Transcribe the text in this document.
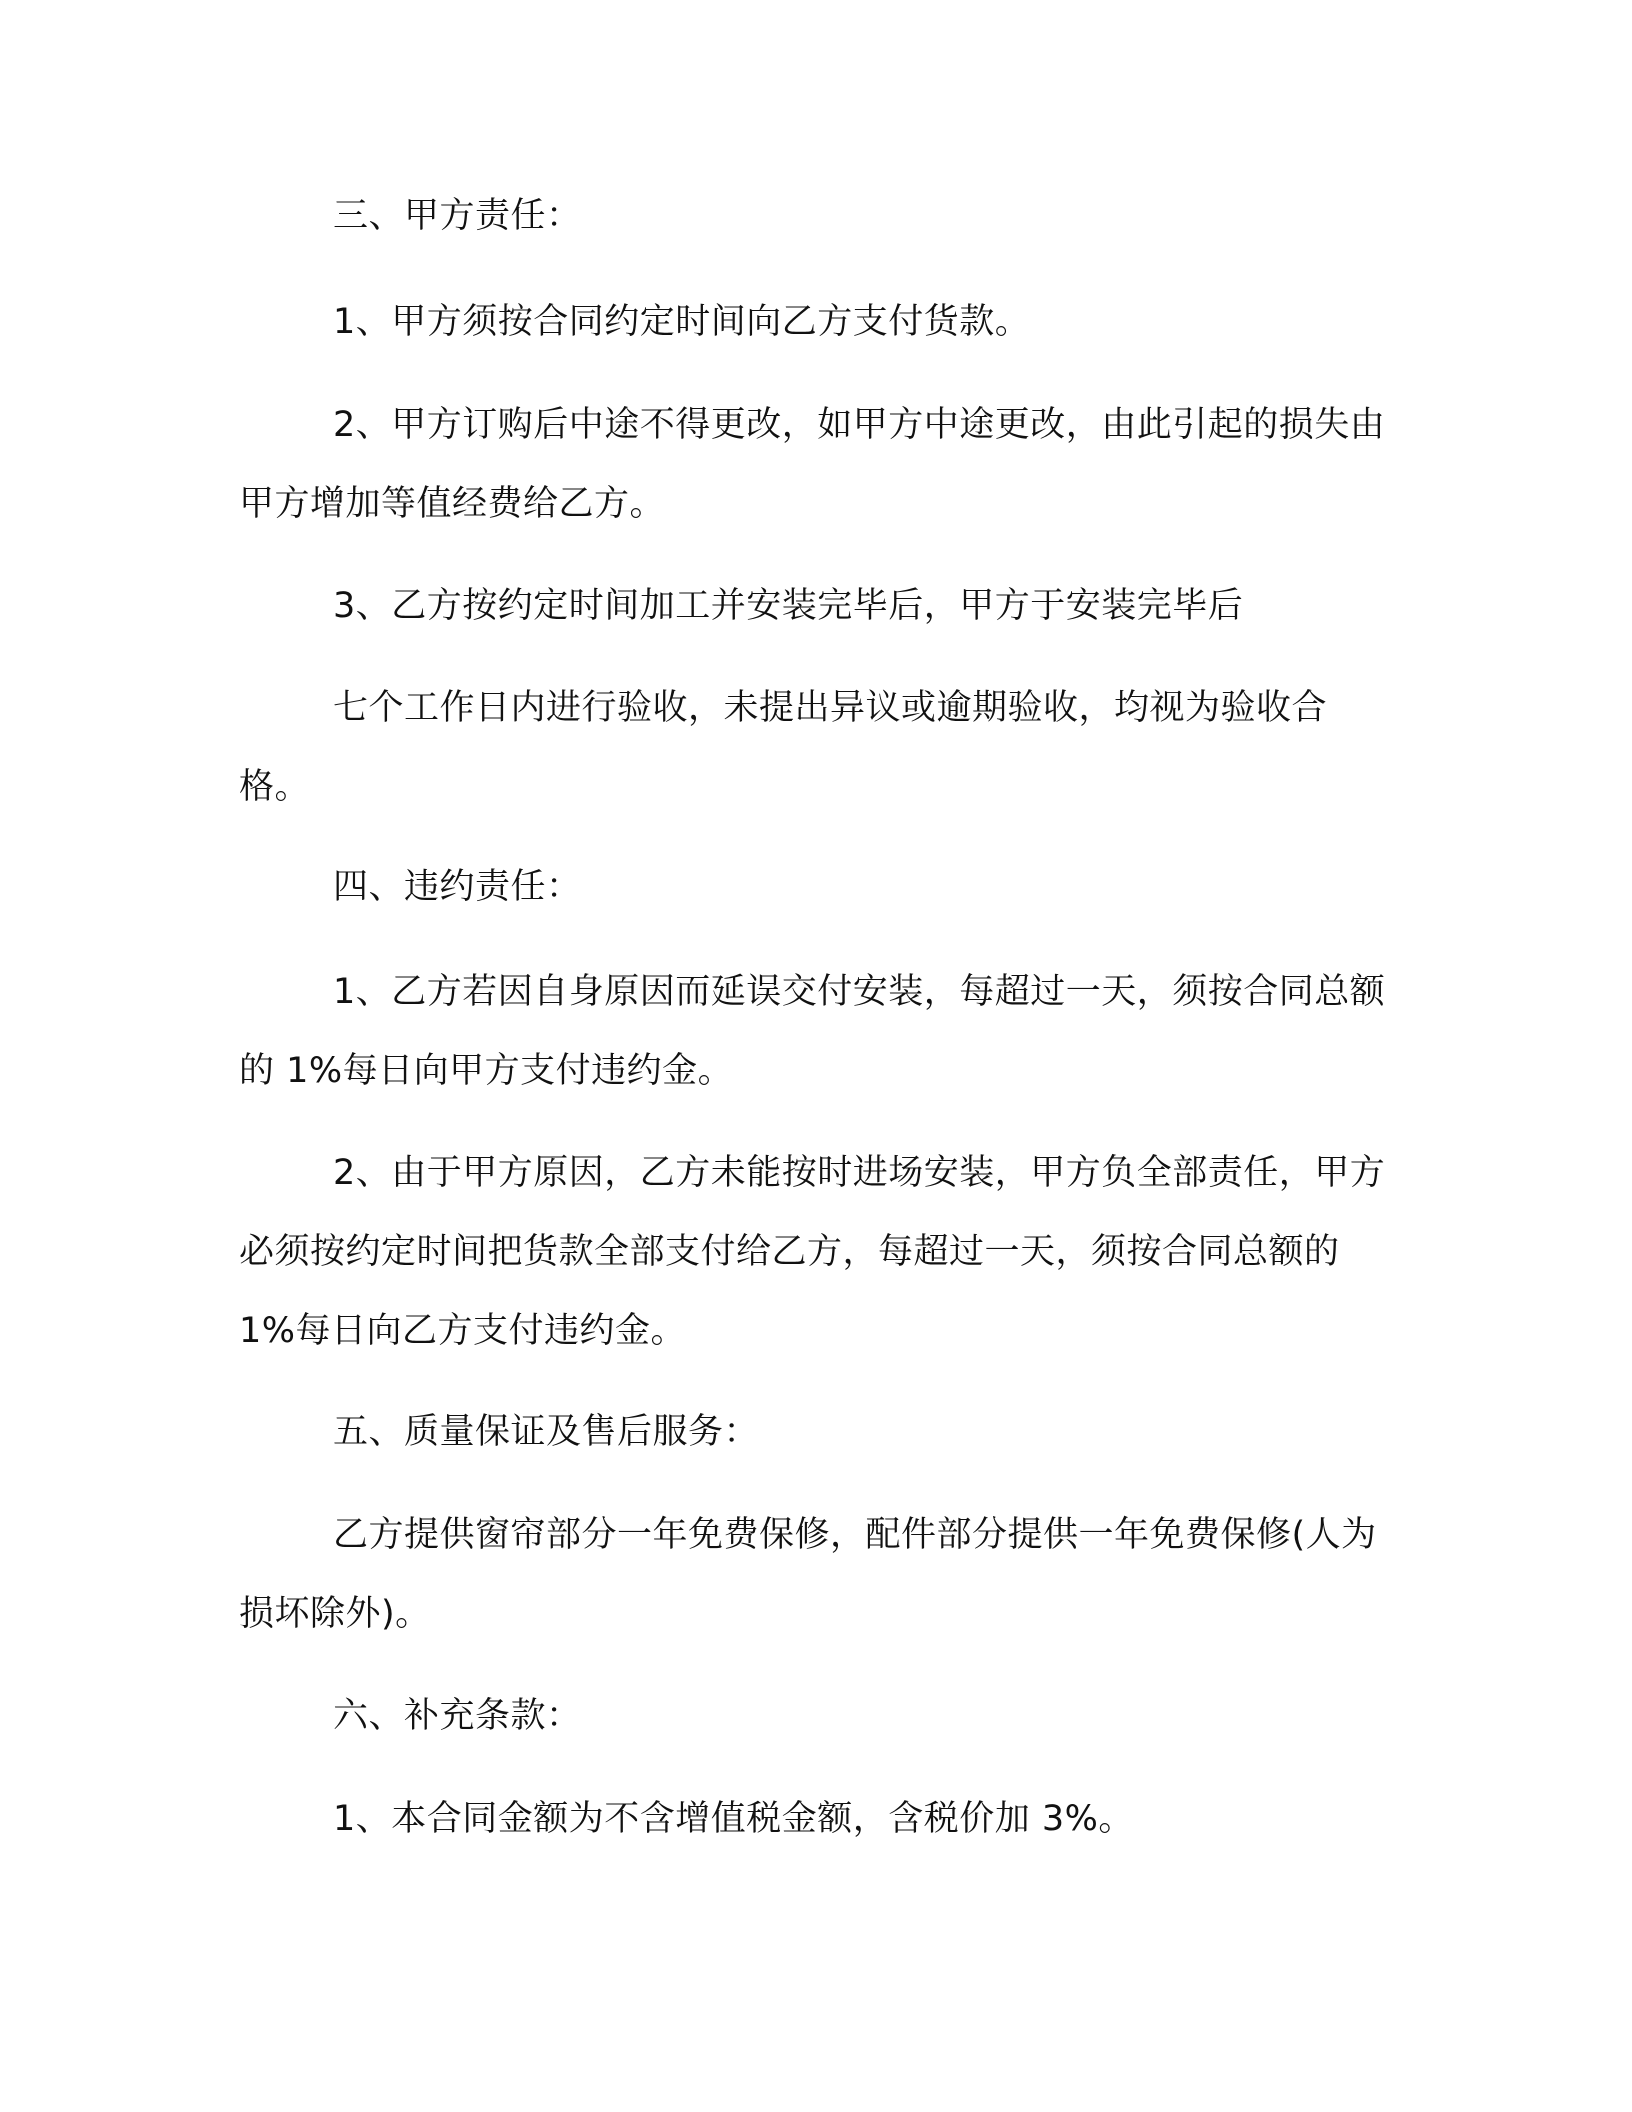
三、甲方责任：

1、甲方须按合同约定时间向乙方支付货款。

2、甲方订购后中途不得更改，如甲方中途更改，由此引起的损失由甲方增加等值经费给乙方。

3、乙方按约定时间加工并安装完毕后，甲方于安装完毕后

七个工作日内进行验收，未提出异议或逾期验收，均视为验收合格。

四、违约责任：

1、乙方若因自身原因而延误交付安装，每超过一天，须按合同总额的 1%每日向甲方支付违约金。

2、由于甲方原因，乙方未能按时进场安装，甲方负全部责任，甲方必须按约定时间把货款全部支付给乙方，每超过一天，须按合同总额的 1%每日向乙方支付违约金。

五、质量保证及售后服务：

乙方提供窗帘部分一年免费保修，配件部分提供一年免费保修(人为损坏除外)。

六、补充条款：

1、本合同金额为不含增值税金额，含税价加 3%。
